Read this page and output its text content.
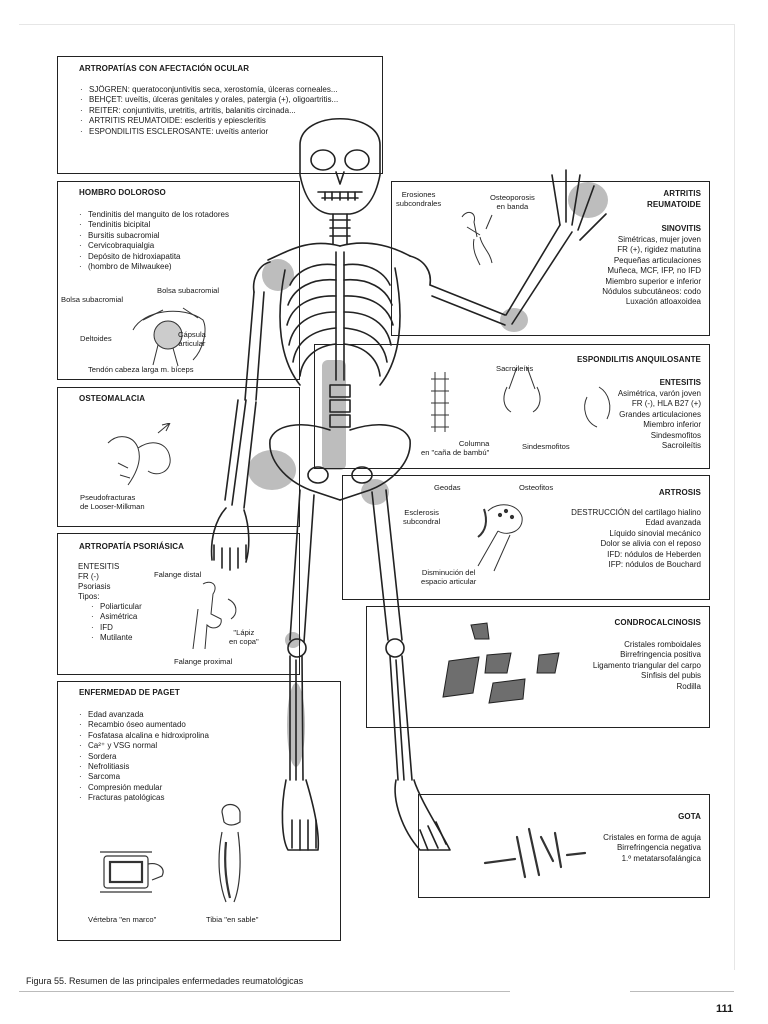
ARTROPATÍAS CON AFECTACIÓN OCULAR
· SJÖGREN: queratoconjuntivitis seca, xerostomía, úlceras corneales...
· BEHÇET: uveítis, úlceras genitales y orales, patergia (+), oligoartritis...
· REITER: conjuntivitis, uretritis, artritis, balanitis circinada...
· ARTRITIS REUMATOIDE: escleritis y epiescleritis
· ESPONDILITIS ESCLEROSANTE: uveítis anterior
HOMBRO DOLOROSO
· Tendinitis del manguito de los rotadores
· Tendinitis bicipital
· Bursitis subacromial
· Cervicobraquialgia
· Depósito de hidroxiapatita
· (hombro de Milwaukee)
Bolsa subacromial
Bolsa subacromial
Deltoides	Cápsula
articular
Tendón cabeza larga m. bíceps
OSTEOMALACIA
Pseudofracturas
de Looser-Milkman
ARTROPATÍA PSORIÁSICA
ENTESITIS
FR (-)
Psoriasis
Tipos:
· Poliarticular
· Asimétrica
· IFD
· Mutilante
Falange distal
"Lápiz
en copa"
Falange proximal
ENFERMEDAD DE PAGET
· Edad avanzada
· Recambio óseo aumentado
· Fosfatasa alcalina e hidroxiprolina
· Ca²⁺ y VSG normal
· Sordera
· Nefrolitiasis
· Sarcoma
· Compresión medular
· Fracturas patológicas
Vértebra "en marco"	Tibia "en sable"
ARTRITIS
REUMATOIDE
Erosiones
subcondrales
Osteoporosis
en banda
SINOVITIS
Simétricas, mujer joven
FR (+), rigidez matutina
Pequeñas articulaciones
Muñeca, MCF, IFP, no IFD
Miembro superior e inferior
Nódulos subcutáneos: codo
Luxación atloaxoidea
ESPONDILITIS ANQUILOSANTE
Sacroileítis
Columna
en "caña de bambú"
Sindesmofitos
ENTESITIS
Asimétrica, varón joven
FR (-), HLA B27 (+)
Grandes articulaciones
Miembro inferior
Sindesmofitos
Sacroileítis
ARTROSIS
Geodas	Osteofitos
Esclerosis
subcondral
Disminución del
espacio articular
DESTRUCCIÓN del cartílago hialino
Edad avanzada
Líquido sinovial mecánico
Dolor se alivia con el reposo
IFD: nódulos de Heberden
IFP: nódulos de Bouchard
CONDROCALCINOSIS
Cristales romboidales
Birrefringencia positiva
Ligamento triangular del carpo
Sínfisis del pubis
Rodilla
GOTA
Cristales en forma de aguja
Birrefringencia negativa
1.º metatarsofalángica
Figura 55. Resumen de las principales enfermedades reumatológicas
111
